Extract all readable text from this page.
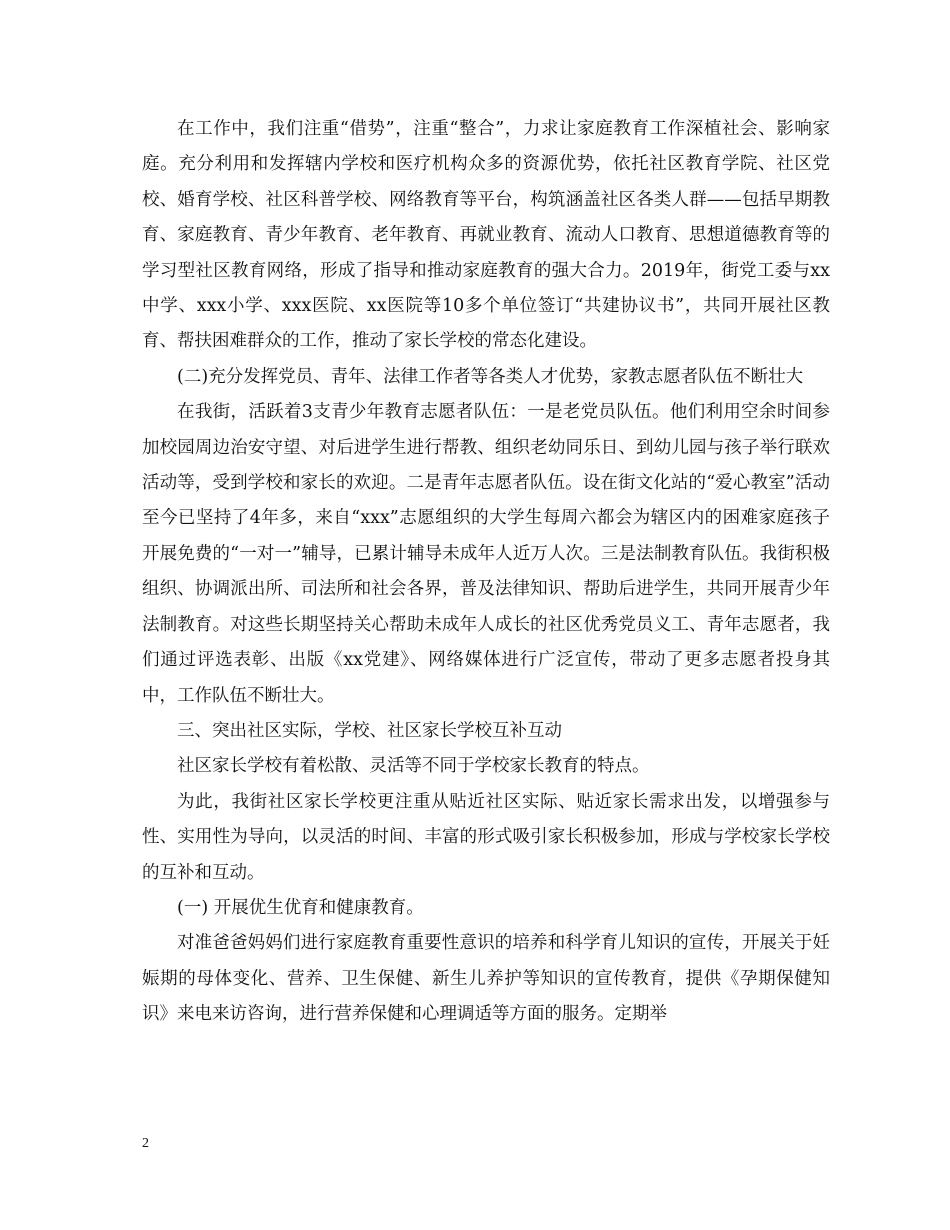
在工作中，我们注重“借势”，注重“整合”，力求让家庭教育工作深植社会、影响家庭。充分利用和发挥辖内学校和医疗机构众多的资源优势，依托社区教育学院、社区党校、婚育学校、社区科普学校、网络教育等平台，构筑涵盖社区各类人群——包括早期教育、家庭教育、青少年教育、老年教育、再就业教育、流动人口教育、思想道德教育等的学习型社区教育网络，形成了指导和推动家庭教育的强大合力。2019年，街党工委与xx中学、xxx小学、xxx医院、xx医院等10多个单位签订“共建协议书”，共同开展社区教育、帮扶困难群众的工作，推动了家长学校的常态化建设。

(二)充分发挥党员、青年、法律工作者等各类人才优势，家教志愿者队伍不断壮大

在我街，活跃着3支青少年教育志愿者队伍：一是老党员队伍。他们利用空余时间参加校园周边治安守望、对后进学生进行帮教、组织老幼同乐日、到幼儿园与孩子举行联欢活动等，受到学校和家长的欢迎。二是青年志愿者队伍。设在街文化站的“爱心教室”活动至今已坚持了4年多，来自“xxx”志愿组织的大学生每周六都会为辖区内的困难家庭孩子开展免费的“一对一”辅导，已累计辅导未成年人近万人次。三是法制教育队伍。我街积极组织、协调派出所、司法所和社会各界，普及法律知识、帮助后进学生，共同开展青少年法制教育。对这些长期坚持关心帮助未成年人成长的社区优秀党员义工、青年志愿者，我们通过评选表彰、出版《xx党建》、网络媒体进行广泛宣传，带动了更多志愿者投身其中，工作队伍不断壮大。

三、突出社区实际，学校、社区家长学校互补互动

社区家长学校有着松散、灵活等不同于学校家长教育的特点。

为此，我街社区家长学校更注重从贴近社区实际、贴近家长需求出发，以增强参与性、实用性为导向，以灵活的时间、丰富的形式吸引家长积极参加，形成与学校家长学校的互补和互动。

(一) 开展优生优育和健康教育。

对准爸爸妈妈们进行家庭教育重要性意识的培养和科学育儿知识的宣传，开展关于妊娠期的母体变化、营养、卫生保健、新生儿养护等知识的宣传教育，提供《孕期保健知识》来电来访咨询，进行营养保健和心理调适等方面的服务。定期举

2
